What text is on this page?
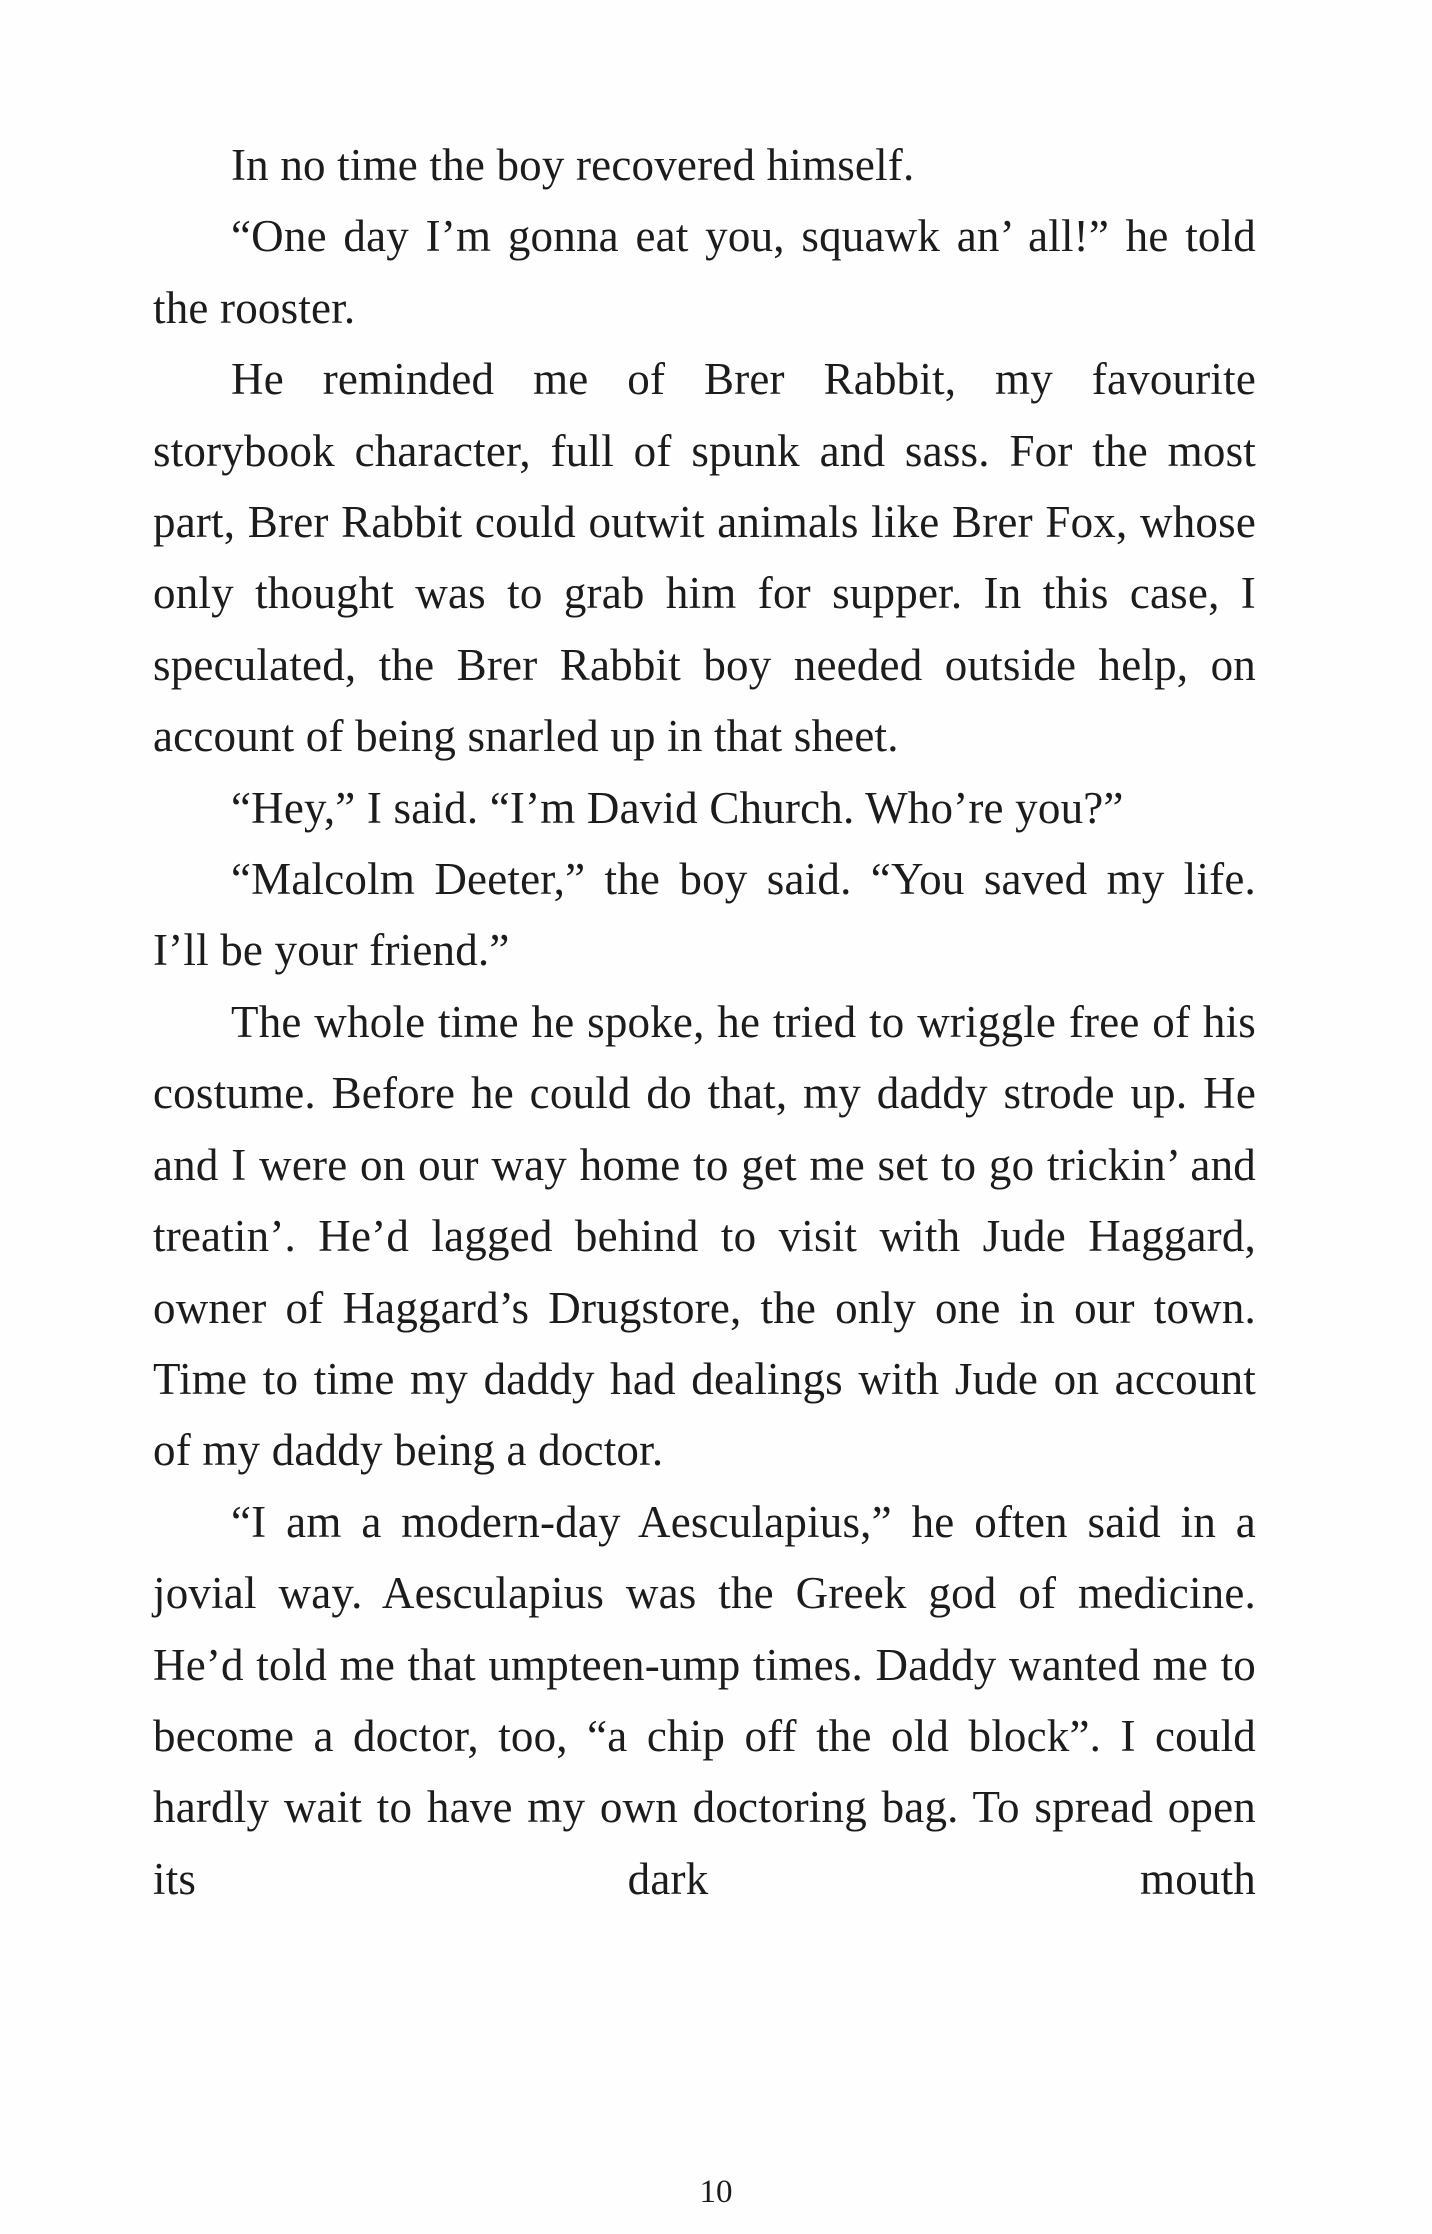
In no time the boy recovered himself.

“One day I’m gonna eat you, squawk an’ all!” he told the rooster.

He reminded me of Brer Rabbit, my favourite storybook character, full of spunk and sass. For the most part, Brer Rabbit could outwit animals like Brer Fox, whose only thought was to grab him for supper. In this case, I speculated, the Brer Rabbit boy needed outside help, on account of being snarled up in that sheet.

“Hey,” I said. “I’m David Church. Who’re you?”

“Malcolm Deeter,” the boy said. “You saved my life. I’ll be your friend.”

The whole time he spoke, he tried to wriggle free of his costume. Before he could do that, my daddy strode up. He and I were on our way home to get me set to go trickin’ and treatin’. He’d lagged behind to visit with Jude Haggard, owner of Haggard’s Drugstore, the only one in our town. Time to time my daddy had dealings with Jude on account of my daddy being a doctor.

“I am a modern-day Aesculapius,” he often said in a jovial way. Aesculapius was the Greek god of medicine. He’d told me that umpteen-ump times. Daddy wanted me to become a doctor, too, “a chip off the old block”. I could hardly wait to have my own doctoring bag. To spread open its dark mouth

10
